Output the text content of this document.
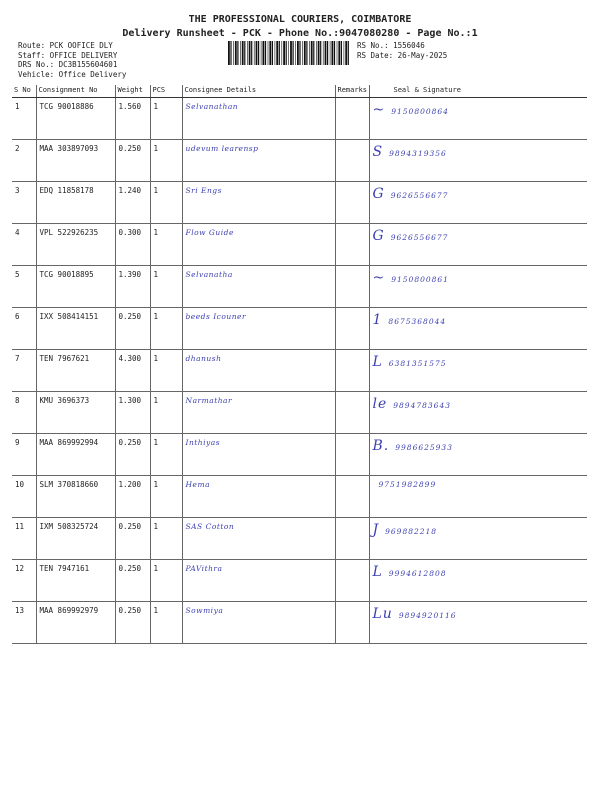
THE PROFESSIONAL COURIERS, COIMBATORE
Delivery Runsheet - PCK - Phone No.:9047080280 - Page No.:1
Route: PCK OOFICE DLY
Staff: OFFICE DELIVERY
DRS No.: DC3B155604601
Vehicle: Office Delivery
RS No.: 1556046
RS Date: 26-May-2025
S No	Consignment No	Weight	PCS	Consignee Details	Remarks	Seal & Signature
1	TCG 90018886	1.560	1	Selvanathan		~ 9150800864
2	MAA 303897093	0.250	1	udevum learensp		S 9894319356
3	EDQ 11858178	1.240	1	Sri Engs		G 9626556677
4	VPL 522926235	0.300	1	Flow Guide		G 9626556677
5	TCG 90018895	1.390	1	Selvanatha		~ 9150800861
6	IXX 508414151	0.250	1	beeds Icouner		1 8675368044
7	TEN 7967621	4.300	1	dhanush		L 6381351575
8	KMU 3696373	1.300	1	Narmathar		le 9894783643
9	MAA 869992994	0.250	1	Inthiyas		B. 9986625933
10	SLM 370818660	1.200	1	Hema		9751982899
11	IXM 508325724	0.250	1	SAS Cotton		J 969882218
12	TEN 7947161	0.250	1	PAVithra		L 9994612808
13	MAA 869992979	0.250	1	Sowmiya		Lu 9894920116
